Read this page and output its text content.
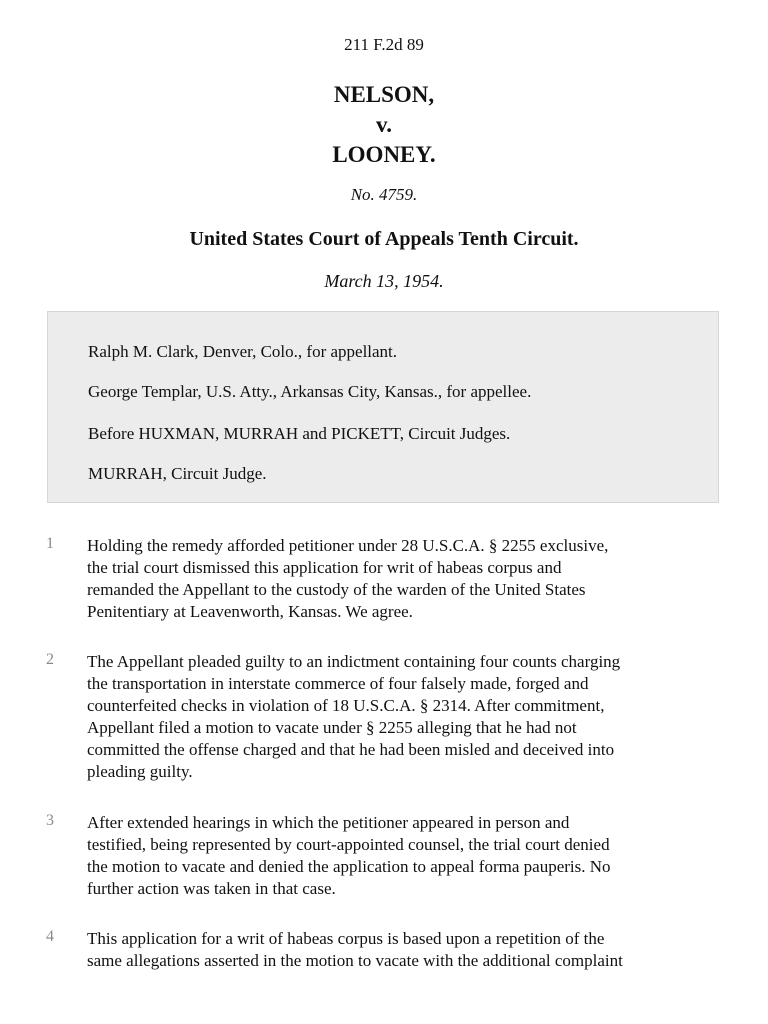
211 F.2d 89
NELSON,
v.
LOONEY.
No. 4759.
United States Court of Appeals Tenth Circuit.
March 13, 1954.
Ralph M. Clark, Denver, Colo., for appellant.
George Templar, U.S. Atty., Arkansas City, Kansas., for appellee.
Before HUXMAN, MURRAH and PICKETT, Circuit Judges.
MURRAH, Circuit Judge.
1 Holding the remedy afforded petitioner under 28 U.S.C.A. § 2255 exclusive,
the trial court dismissed this application for writ of habeas corpus and
remanded the Appellant to the custody of the warden of the United States
Penitentiary at Leavenworth, Kansas. We agree.
2 The Appellant pleaded guilty to an indictment containing four counts charging
the transportation in interstate commerce of four falsely made, forged and
counterfeited checks in violation of 18 U.S.C.A. § 2314. After commitment,
Appellant filed a motion to vacate under § 2255 alleging that he had not
committed the offense charged and that he had been misled and deceived into
pleading guilty.
3 After extended hearings in which the petitioner appeared in person and
testified, being represented by court-appointed counsel, the trial court denied
the motion to vacate and denied the application to appeal forma pauperis. No
further action was taken in that case.
4 This application for a writ of habeas corpus is based upon a repetition of the
same allegations asserted in the motion to vacate with the additional complaint
